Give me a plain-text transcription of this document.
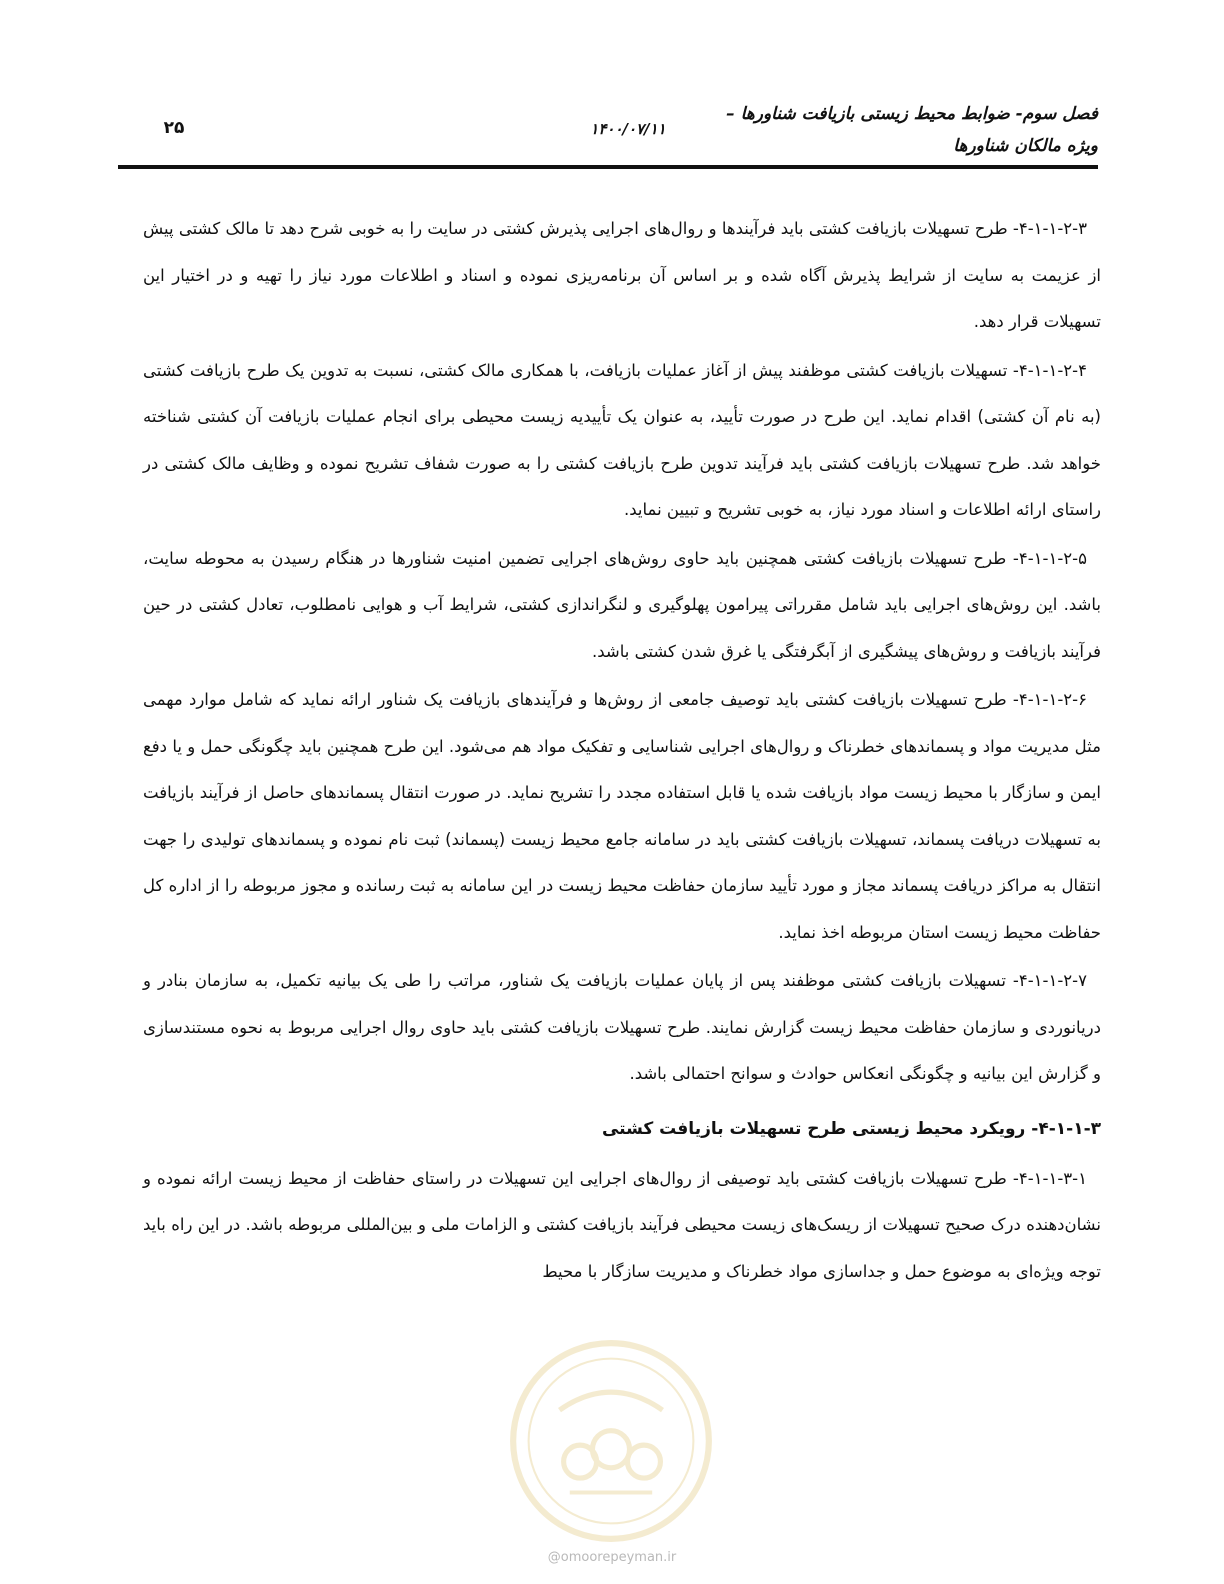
فصل سوم- ضوابط محیط زیستی بازیافت شناورها –
ویژه مالکان شناورها
۱۴۰۰/۰۷/۱۱
۲۵

۴-۱-۱-۲-۳- طرح تسهیلات بازیافت کشتی باید فرآیندها و روال‌های اجرایی پذیرش کشتی در سایت را به خوبی شرح دهد تا مالک کشتی پیش از عزیمت به سایت از شرایط پذیرش آگاه شده و بر اساس آن برنامه‌ریزی نموده و اسناد و اطلاعات مورد نیاز را تهیه و در اختیار این تسهیلات قرار دهد.

۴-۱-۱-۲-۴- تسهیلات بازیافت کشتی موظفند پیش از آغاز عملیات بازیافت، با همکاری مالک کشتی، نسبت به تدوین یک طرح بازیافت کشتی (به نام آن کشتی) اقدام نماید. این طرح در صورت تأیید، به عنوان یک تأییدیه زیست محیطی برای انجام عملیات بازیافت آن کشتی شناخته خواهد شد. طرح تسهیلات بازیافت کشتی باید فرآیند تدوین طرح بازیافت کشتی را به صورت شفاف تشریح نموده و وظایف مالک کشتی در راستای ارائه اطلاعات و اسناد مورد نیاز، به خوبی تشریح و تبیین نماید.

۴-۱-۱-۲-۵- طرح تسهیلات بازیافت کشتی همچنین باید حاوی روش‌های اجرایی تضمین امنیت شناورها در هنگام رسیدن به محوطه سایت، باشد. این روش‌های اجرایی باید شامل مقرراتی پیرامون پهلوگیری و لنگراندازی کشتی، شرایط آب و هوایی نامطلوب، تعادل کشتی در حین فرآیند بازیافت و روش‌های پیشگیری از آبگرفتگی یا غرق شدن کشتی باشد.

۴-۱-۱-۲-۶- طرح تسهیلات بازیافت کشتی باید توصیف جامعی از روش‌ها و فرآیندهای بازیافت یک شناور ارائه نماید که شامل موارد مهمی مثل مدیریت مواد و پسماندهای خطرناک و روال‌های اجرایی شناسایی و تفکیک مواد هم می‌شود. این طرح همچنین باید چگونگی حمل و یا دفع ایمن و سازگار با محیط زیست مواد بازیافت شده یا قابل استفاده مجدد را تشریح نماید. در صورت انتقال پسماندهای حاصل از فرآیند بازیافت به تسهیلات دریافت پسماند، تسهیلات بازیافت کشتی باید در سامانه جامع محیط زیست (پسماند) ثبت نام نموده و پسماندهای تولیدی را جهت انتقال به مراکز دریافت پسماند مجاز و مورد تأیید سازمان حفاظت محیط زیست در این سامانه به ثبت رسانده و مجوز مربوطه را از اداره کل حفاظت محیط زیست استان مربوطه اخذ نماید.

۴-۱-۱-۲-۷- تسهیلات بازیافت کشتی موظفند پس از پایان عملیات بازیافت یک شناور، مراتب را طی یک بیانیه تکمیل، به سازمان بنادر و دریانوردی و سازمان حفاظت محیط زیست گزارش نمایند. طرح تسهیلات بازیافت کشتی باید حاوی روال اجرایی مربوط به نحوه مستندسازی و گزارش این بیانیه و چگونگی انعکاس حوادث و سوانح احتمالی باشد.

۴-۱-۱-۳- رویکرد محیط زیستی طرح تسهیلات بازیافت کشتی

۴-۱-۱-۳-۱- طرح تسهیلات بازیافت کشتی باید توصیفی از روال‌های اجرایی این تسهیلات در راستای حفاظت از محیط زیست ارائه نموده و نشان‌دهنده درک صحیح تسهیلات از ریسک‌های زیست محیطی فرآیند بازیافت کشتی و الزامات ملی و بین‌المللی مربوطه باشد. در این راه باید توجه ویژه‌ای به موضوع حمل و جداسازی مواد خطرناک و مدیریت سازگار با محیط

@omoorepeyman.ir
